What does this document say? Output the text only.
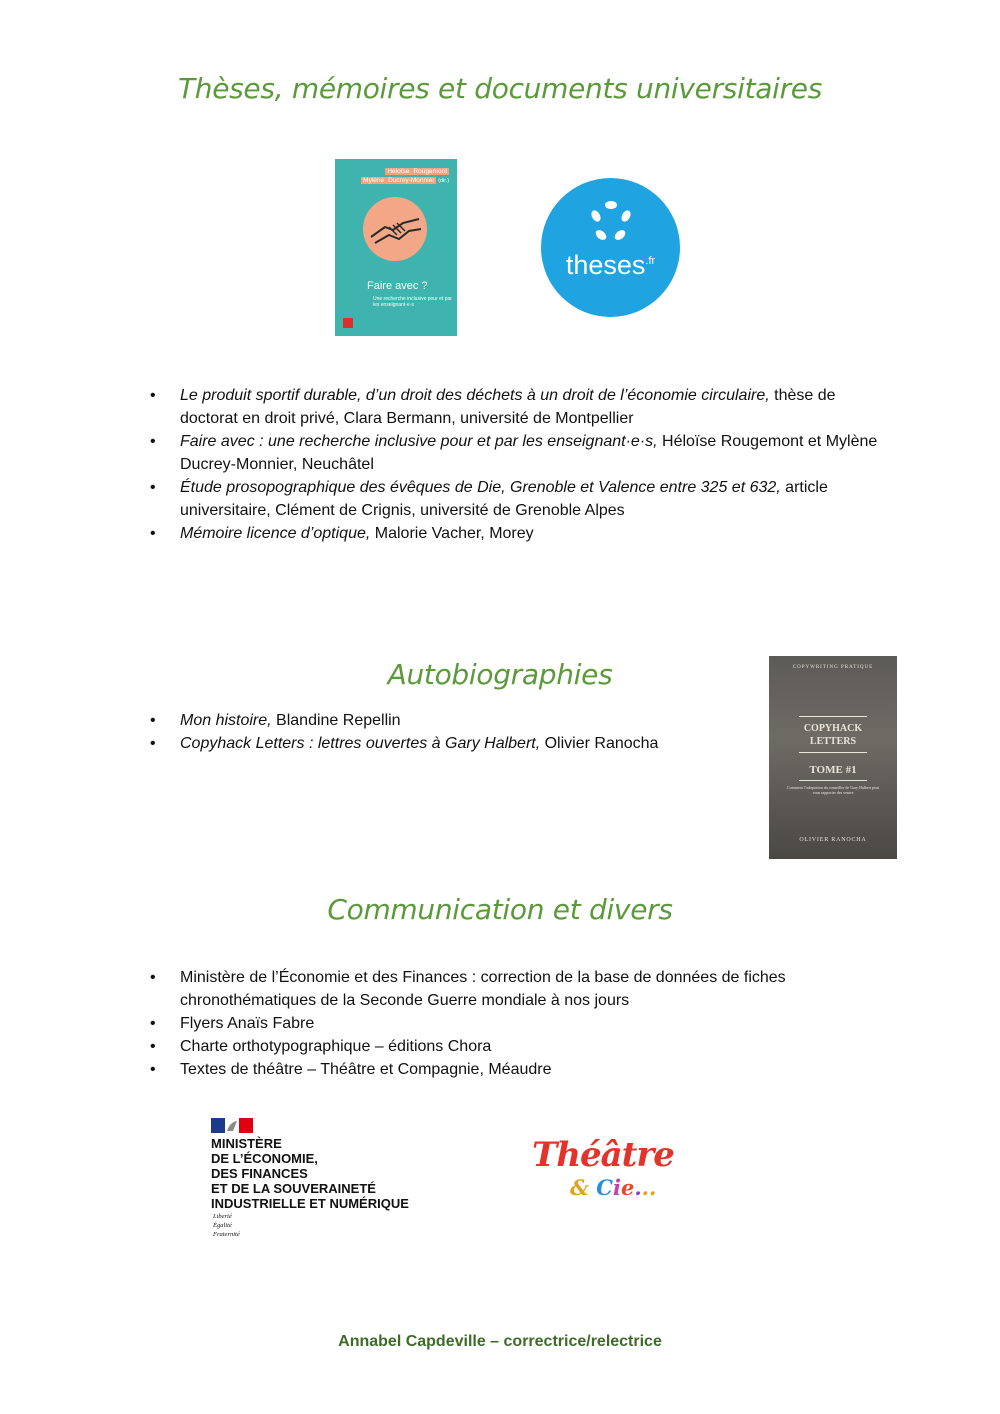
Thèses, mémoires et documents universitaires
Héloïse Rougemont
Mylène Ducrey-Monnier (dir.)
Faire avec ?
Une recherche inclusive pour et par les enseignant·e·s
theses$^{.fr}$
• Le produit sportif durable, d’un droit des déchets à un droit de l’économie circulaire, thèse de doctorat en droit privé, Clara Bermann, université de Montpellier
• Faire avec : une recherche inclusive pour et par les enseignant·e·s, Héloïse Rougemont et Mylène Ducrey-Monnier, Neuchâtel
• Étude prosopographique des évêques de Die, Grenoble et Valence entre 325 et 632, article universitaire, Clément de Crignis, université de Grenoble Alpes
• Mémoire licence d’optique, Malorie Vacher, Morey
Autobiographies
• Mon histoire, Blandine Repellin
• Copyhack Letters : lettres ouvertes à Gary Halbert, Olivier Ranocha
COPYWRITING PRATIQUE
COPYHACK
LETTERS
TOME #1
Comment l’adaptation du conseiller de Gary Halbert peut vous rapporter des ventes
OLIVIER RANOCHA
Communication et divers
• Ministère de l’Économie et des Finances : correction de la base de données de fiches chronothématiques de la Seconde Guerre mondiale à nos jours
• Flyers Anaïs Fabre
• Charte orthotypographique – éditions Chora
• Textes de théâtre – Théâtre et Compagnie, Méaudre
MINISTÈRE
DE L’ÉCONOMIE,
DES FINANCES
ET DE LA SOUVERAINETÉ
INDUSTRIELLE ET NUMÉRIQUE
Liberté
Égalité
Fraternité
Théâtre
& Cie...
Annabel Capdeville – correctrice/relectrice
